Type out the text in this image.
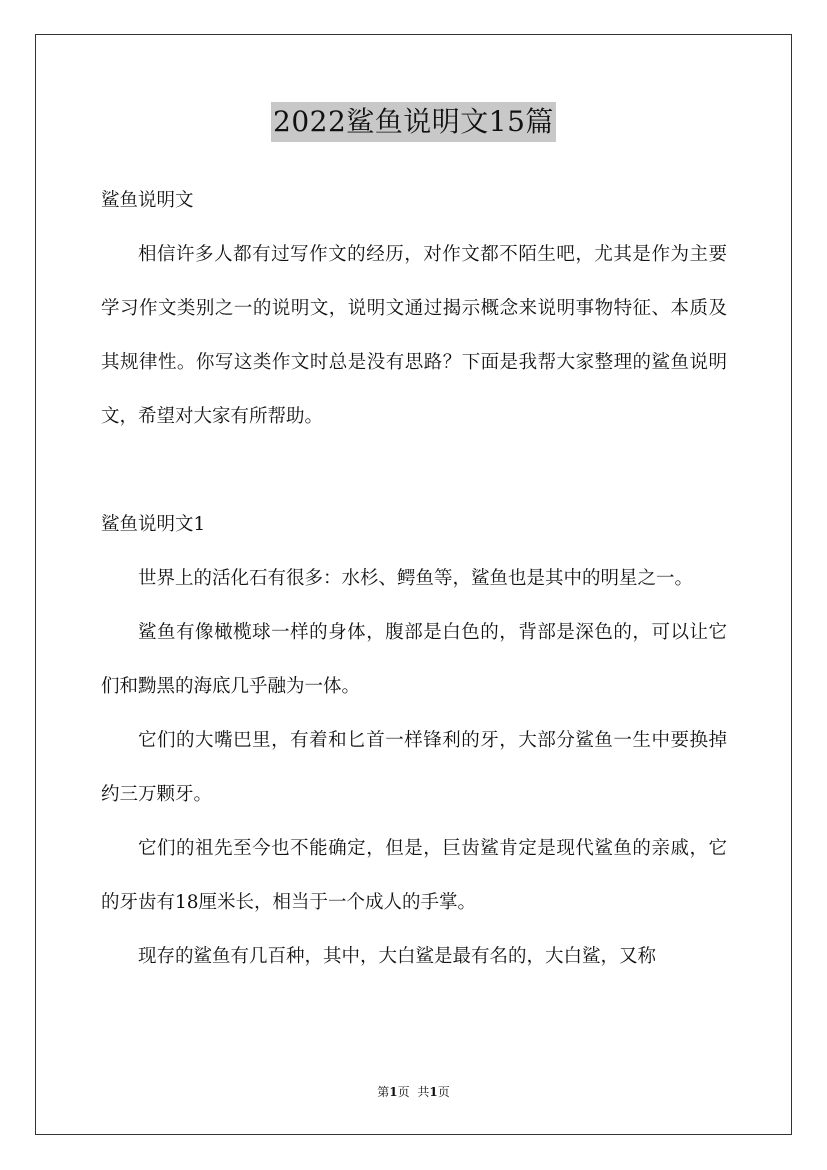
2022鲨鱼说明文15篇

鲨鱼说明文

相信许多人都有过写作文的经历，对作文都不陌生吧，尤其是作为主要学习作文类别之一的说明文，说明文通过揭示概念来说明事物特征、本质及其规律性。你写这类作文时总是没有思路？下面是我帮大家整理的鲨鱼说明文，希望对大家有所帮助。

鲨鱼说明文1

世界上的活化石有很多：水杉、鳄鱼等，鲨鱼也是其中的明星之一。

鲨鱼有像橄榄球一样的身体，腹部是白色的，背部是深色的，可以让它们和黝黑的海底几乎融为一体。

它们的大嘴巴里，有着和匕首一样锋利的牙，大部分鲨鱼一生中要换掉约三万颗牙。

它们的祖先至今也不能确定，但是，巨齿鲨肯定是现代鲨鱼的亲戚，它的牙齿有18厘米长，相当于一个成人的手掌。

现存的鲨鱼有几百种，其中，大白鲨是最有名的，大白鲨，又称

第1页 共1页
